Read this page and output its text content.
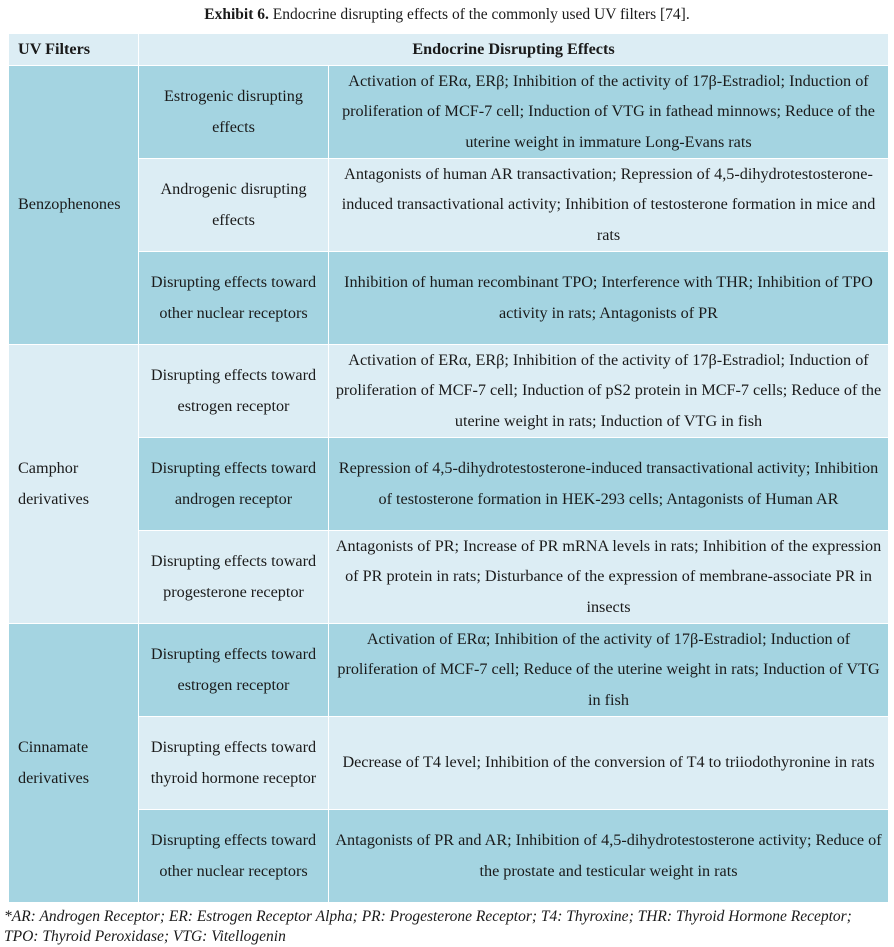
Exhibit 6. Endocrine disrupting effects of the commonly used UV filters [74].
UV Filters	Endocrine Disrupting Effects	
Benzophenones	Estrogenic disrupting effects	Activation of ERα, ERβ; Inhibition of the activity of 17β-Estradiol; Induction of proliferation of MCF-7 cell; Induction of VTG in fathead minnows; Reduce of the uterine weight in immature Long-Evans rats
	Androgenic disrupting effects	Antagonists of human AR transactivation; Repression of 4,5-dihydrotestosterone-induced transactivational activity; Inhibition of testosterone formation in mice and rats
	Disrupting effects toward other nuclear receptors	Inhibition of human recombinant TPO; Interference with THR; Inhibition of TPO activity in rats; Antagonists of PR
Camphor derivatives	Disrupting effects toward estrogen receptor	Activation of ERα, ERβ; Inhibition of the activity of 17β-Estradiol; Induction of proliferation of MCF-7 cell; Induction of pS2 protein in MCF-7 cells; Reduce of the uterine weight in rats; Induction of VTG in fish
	Disrupting effects toward androgen receptor	Repression of 4,5-dihydrotestosterone-induced transactivational activity; Inhibition of testosterone formation in HEK-293 cells; Antagonists of Human AR
	Disrupting effects toward progesterone receptor	Antagonists of PR; Increase of PR mRNA levels in rats; Inhibition of the expression of PR protein in rats; Disturbance of the expression of membrane-associate PR in insects
Cinnamate derivatives	Disrupting effects toward estrogen receptor	Activation of ERα; Inhibition of the activity of 17β-Estradiol; Induction of proliferation of MCF-7 cell; Reduce of the uterine weight in rats; Induction of VTG in fish
	Disrupting effects toward thyroid hormone receptor	Decrease of T4 level; Inhibition of the conversion of T4 to triiodothyronine in rats
	Disrupting effects toward other nuclear receptors	Antagonists of PR and AR; Inhibition of 4,5-dihydrotestosterone activity; Reduce of the prostate and testicular weight in rats
*AR: Androgen Receptor; ER: Estrogen Receptor Alpha; PR: Progesterone Receptor; T4: Thyroxine; THR: Thyroid Hormone Receptor; TPO: Thyroid Peroxidase; VTG: Vitellogenin
